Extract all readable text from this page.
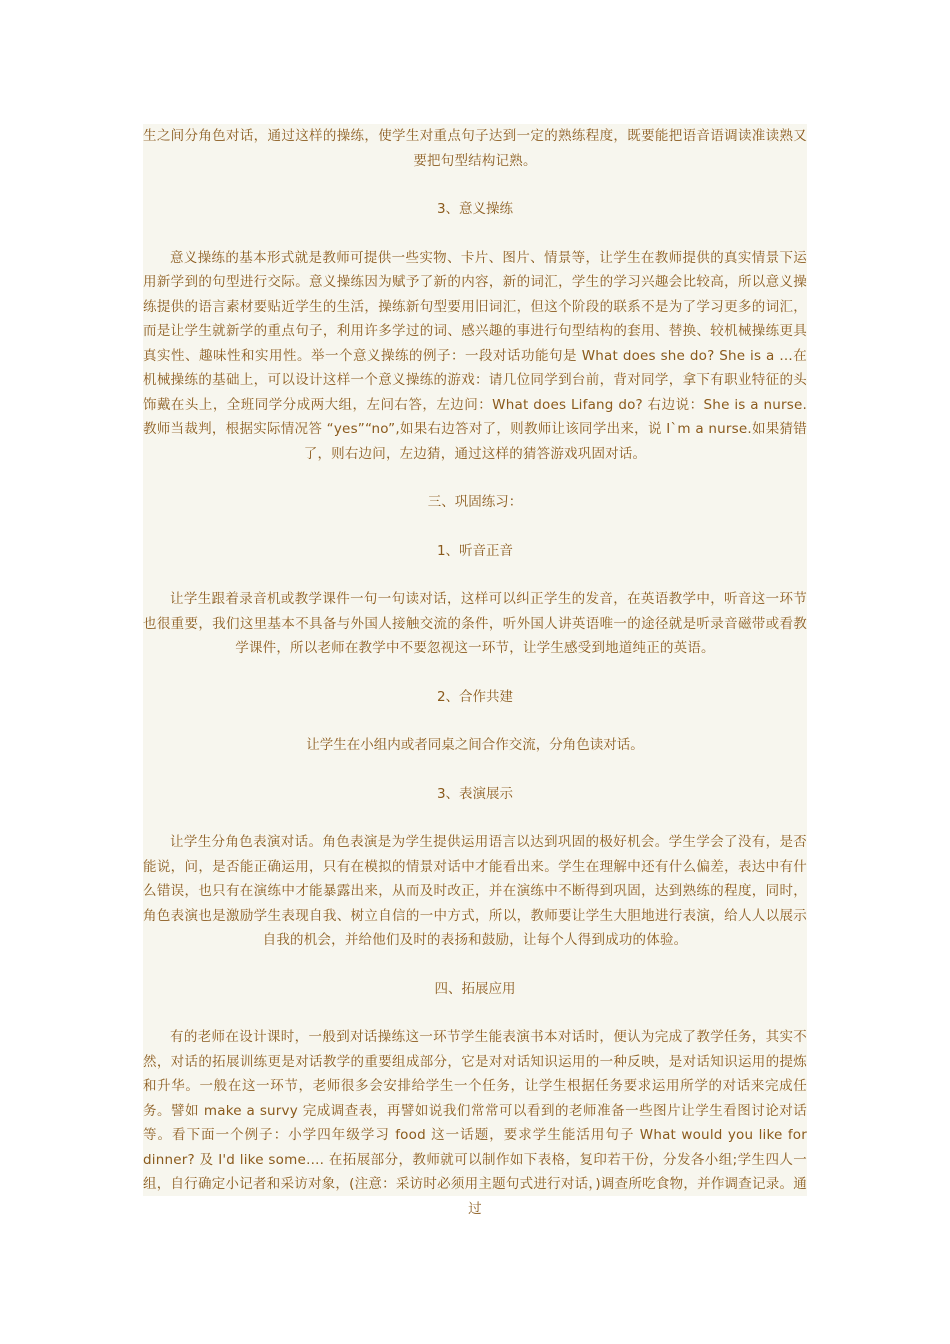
生之间分角色对话，通过这样的操练，使学生对重点句子达到一定的熟练程度，既要能把语音语调读准读熟又要把句型结构记熟。

3、意义操练

意义操练的基本形式就是教师可提供一些实物、卡片、图片、情景等，让学生在教师提供的真实情景下运用新学到的句型进行交际。意义操练因为赋予了新的内容，新的词汇，学生的学习兴趣会比较高，所以意义操练提供的语言素材要贴近学生的生活，操练新句型要用旧词汇，但这个阶段的联系不是为了学习更多的词汇，而是让学生就新学的重点句子，利用许多学过的词、感兴趣的事进行句型结构的套用、替换、较机械操练更具真实性、趣味性和实用性。举一个意义操练的例子：一段对话功能句是 What does she do? She is a …在机械操练的基础上，可以设计这样一个意义操练的游戏：请几位同学到台前，背对同学，拿下有职业特征的头饰戴在头上，全班同学分成两大组，左问右答，左边问：What does Lifang do? 右边说：She is a nurse.教师当裁判，根据实际情况答 “yes”“no”,如果右边答对了，则教师让该同学出来，说 I`m a nurse.如果猜错了，则右边问，左边猜，通过这样的猜答游戏巩固对话。

三、巩固练习：

1、听音正音

让学生跟着录音机或教学课件一句一句读对话，这样可以纠正学生的发音，在英语教学中，听音这一环节也很重要，我们这里基本不具备与外国人接触交流的条件，听外国人讲英语唯一的途径就是听录音磁带或看教学课件，所以老师在教学中不要忽视这一环节，让学生感受到地道纯正的英语。

2、合作共建

让学生在小组内或者同桌之间合作交流，分角色读对话。

3、表演展示

让学生分角色表演对话。角色表演是为学生提供运用语言以达到巩固的极好机会。学生学会了没有，是否能说，问，是否能正确运用，只有在模拟的情景对话中才能看出来。学生在理解中还有什么偏差，表达中有什么错误，也只有在演练中才能暴露出来，从而及时改正，并在演练中不断得到巩固，达到熟练的程度，同时，角色表演也是激励学生表现自我、树立自信的一中方式，所以，教师要让学生大胆地进行表演，给人人以展示自我的机会，并给他们及时的表扬和鼓励，让每个人得到成功的体验。

四、拓展应用

有的老师在设计课时，一般到对话操练这一环节学生能表演书本对话时，便认为完成了教学任务，其实不然，对话的拓展训练更是对话教学的重要组成部分，它是对对话知识运用的一种反映，是对话知识运用的提炼和升华。一般在这一环节，老师很多会安排给学生一个任务，让学生根据任务要求运用所学的对话来完成任务。譬如 make a survy 完成调查表，再譬如说我们常常可以看到的老师准备一些图片让学生看图讨论对话等。看下面一个例子：小学四年级学习 food 这一话题，要求学生能活用句子 What would you like for dinner? 及 I'd like some…. 在拓展部分，教师就可以制作如下表格，复印若干份，分发各小组;学生四人一组，自行确定小记者和采访对象，(注意：采访时必须用主题句式进行对话，)调查所吃食物，并作调查记录。通过
